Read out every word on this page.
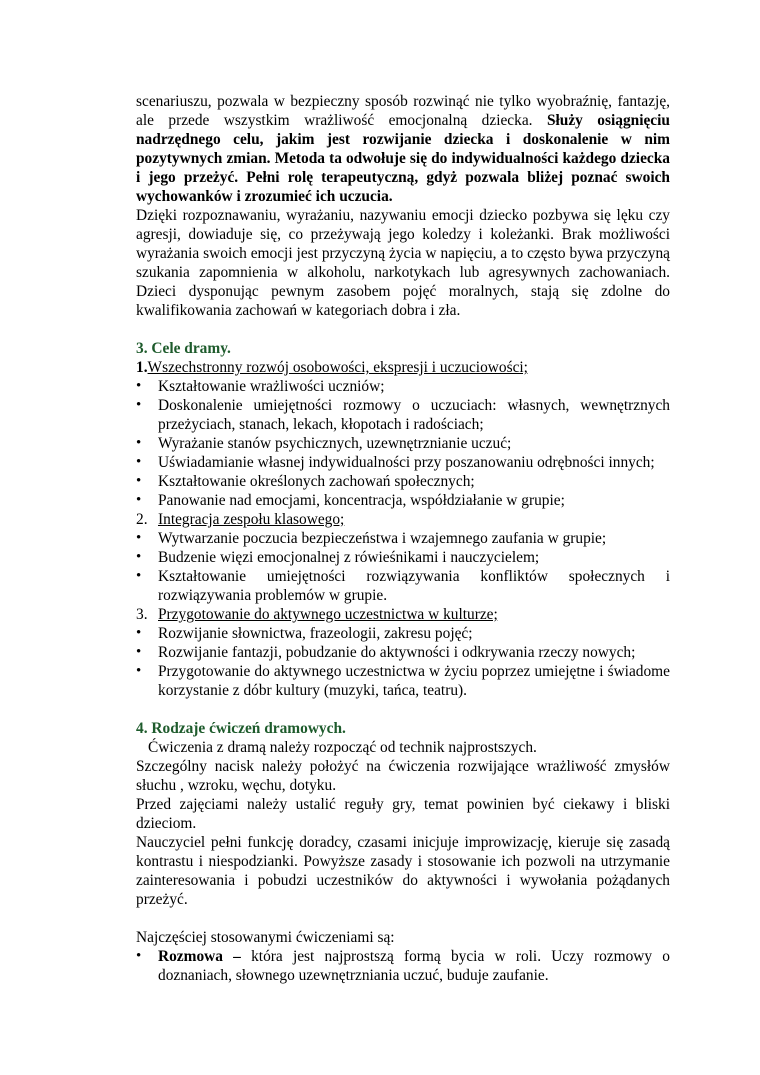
scenariuszu, pozwala w bezpieczny sposób rozwinąć nie tylko wyobraźnię, fantazję, ale przede wszystkim wrażliwość emocjonalną dziecka. Służy osiągnięciu nadrzędnego celu, jakim jest rozwijanie dziecka i doskonalenie w nim pozytywnych zmian. Metoda ta odwołuje się do indywidualności każdego dziecka i jego przeżyć. Pełni rolę terapeutyczną, gdyż pozwala bliżej poznać swoich wychowanków i zrozumieć ich uczucia.

Dzięki rozpoznawaniu, wyrażaniu, nazywaniu emocji dziecko pozbywa się lęku czy agresji, dowiaduje się, co przeżywają jego koledzy i koleżanki. Brak możliwości wyrażania swoich emocji jest przyczyną życia w napięciu, a to często bywa przyczyną szukania zapomnienia w alkoholu, narkotykach lub agresywnych zachowaniach. Dzieci dysponując pewnym zasobem pojęć moralnych, stają się zdolne do kwalifikowania zachowań w kategoriach dobra i zła.

3. Cele dramy.

1.Wszechstronny rozwój osobowości, ekspresji i uczuciowości;

• Kształtowanie wrażliwości uczniów;
• Doskonalenie umiejętności rozmowy o uczuciach: własnych, wewnętrznych przeżyciach, stanach, lekach, kłopotach i radościach;
• Wyrażanie stanów psychicznych, uzewnętrznianie uczuć;
• Uświadamianie własnej indywidualności przy poszanowaniu odrębności innych;
• Kształtowanie określonych zachowań społecznych;
• Panowanie nad emocjami, koncentracja, współdziałanie w grupie;

2. Integracja zespołu klasowego;

• Wytwarzanie poczucia bezpieczeństwa i wzajemnego zaufania w grupie;
• Budzenie więzi emocjonalnej z rówieśnikami i nauczycielem;
• Kształtowanie umiejętności rozwiązywania konfliktów społecznych i rozwiązywania problemów w grupie.

3. Przygotowanie do aktywnego uczestnictwa w kulturze;

• Rozwijanie słownictwa, frazeologii, zakresu pojęć;
• Rozwijanie fantazji, pobudzanie do aktywności i odkrywania rzeczy nowych;
• Przygotowanie do aktywnego uczestnictwa w życiu poprzez umiejętne i świadome korzystanie z dóbr kultury (muzyki, tańca, teatru).

4. Rodzaje ćwiczeń dramowych.

Ćwiczenia z dramą należy rozpocząć od technik najprostszych.

Szczególny nacisk należy położyć na ćwiczenia rozwijające wrażliwość zmysłów słuchu , wzroku, węchu, dotyku.

Przed zajęciami należy ustalić reguły gry, temat powinien być ciekawy i bliski dzieciom.

Nauczyciel pełni funkcję doradcy, czasami inicjuje improwizację, kieruje się zasadą kontrastu i niespodzianki. Powyższe zasady i stosowanie ich pozwoli na utrzymanie zainteresowania i pobudzi uczestników do aktywności i wywołania pożądanych przeżyć.

Najczęściej stosowanymi ćwiczeniami są:

• Rozmowa – która jest najprostszą formą bycia w roli. Uczy rozmowy o doznaniach, słownego uzewnętrzniania uczuć, buduje zaufanie.
